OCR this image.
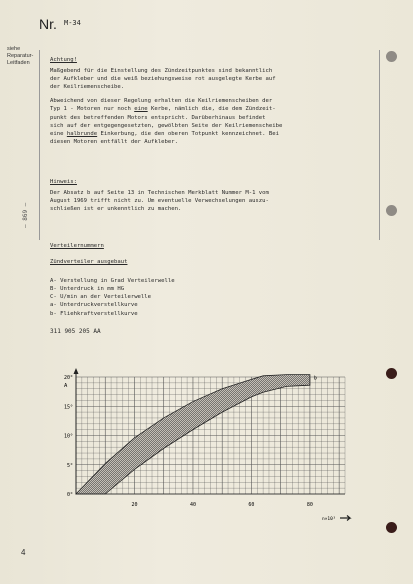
Nr. M-34
siehe Reparatur-Leitfaden
— 869 —
Achtung!
Maßgebend für die Einstellung des Zündzeitpunktes sind bekanntlich
der Aufkleber und die weiß beziehungsweise rot ausgelegte Kerbe auf
der Keilriemenscheibe.
Abweichend von dieser Regelung erhalten die Keilriemenscheiben der
Typ 1 - Motoren nur noch eine Kerbe, nämlich die, die dem Zündzeit-
punkt des betreffenden Motors entspricht. Darüberhinaus befindet
sich auf der entgegengesetzten, gewölbten Seite der Keilriemenscheibe
eine halbrunde Einkerbung, die den oberen Totpunkt kennzeichnet. Bei
diesen Motoren entfällt der Aufkleber.
Hinweis:
Der Absatz b auf Seite 13 in Technischen Merkblatt Nummer M-1 vom
August 1969 trifft nicht zu. Um eventuelle Verwechselungen auszu-
schließen ist er unkenntlich zu machen.
Verteilernummern
Zündverteiler ausgebaut
A- Verstellung in Grad Verteilerwelle
B- Unterdruck in mm HG
C- U/min an der Verteilerwelle
a- Unterdruckverstellkurve
b- Fliehkraftverstellkurve
311 905 205 AA
A
n×10³
b
20°
15°
10°
5°
0°
20	40	60	80
4
